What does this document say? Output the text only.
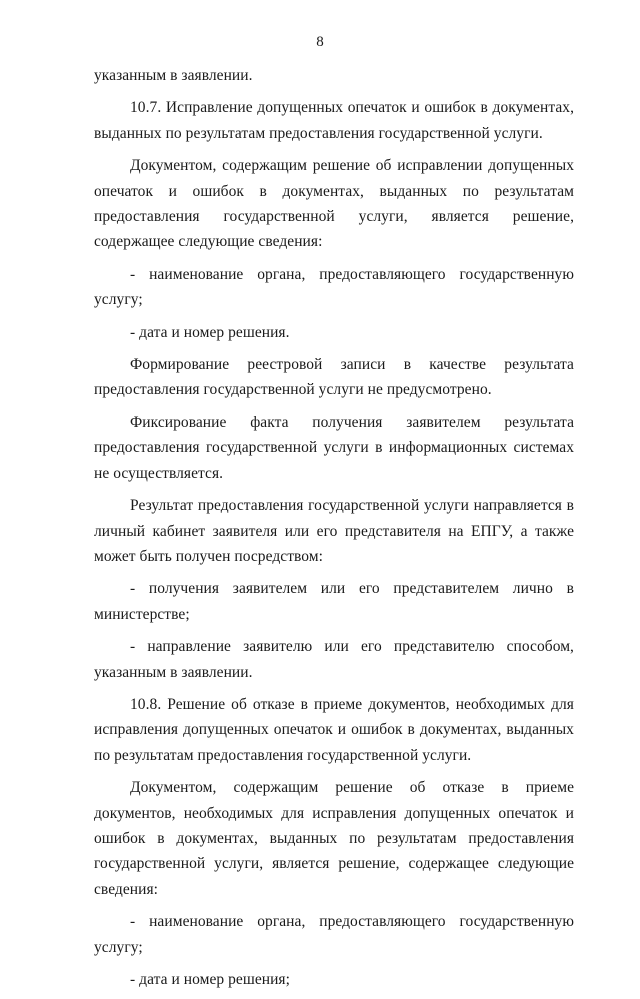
8

указанным в заявлении.

10.7. Исправление допущенных опечаток и ошибок в документах, выданных по результатам предоставления государственной услуги.

Документом, содержащим решение об исправлении допущенных опечаток и ошибок в документах, выданных по результатам предоставления государственной услуги, является решение, содержащее следующие сведения:

- наименование органа, предоставляющего государственную услугу;

- дата и номер решения.

Формирование реестровой записи в качестве результата предоставления государственной услуги не предусмотрено.

Фиксирование факта получения заявителем результата предоставления государственной услуги в информационных системах не осуществляется.

Результат предоставления государственной услуги направляется в личный кабинет заявителя или его представителя на ЕПГУ, а также может быть получен посредством:

- получения заявителем или его представителем лично в министерстве;

- направление заявителю или его представителю способом, указанным в заявлении.

10.8. Решение об отказе в приеме документов, необходимых для исправления допущенных опечаток и ошибок в документах, выданных по результатам предоставления государственной услуги.

Документом, содержащим решение об отказе в приеме документов, необходимых для исправления допущенных опечаток и ошибок в документах, выданных по результатам предоставления государственной услуги, является решение, содержащее следующие сведения:

- наименование органа, предоставляющего государственную услугу;

- дата и номер решения;
